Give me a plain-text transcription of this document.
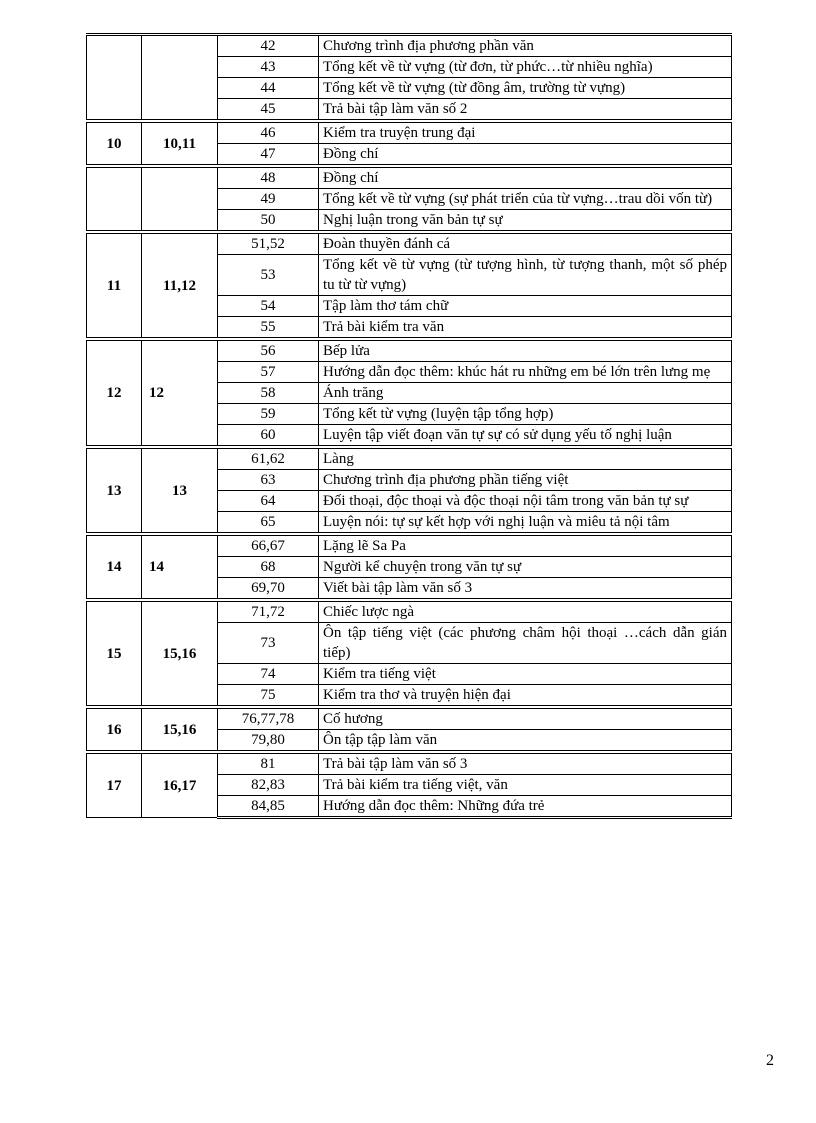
		42	Chương trình địa phương phần văn
		43	Tổng kết về từ vựng (từ đơn, từ phức…từ nhiều nghĩa)
		44	Tổng kết về từ vựng (từ đồng âm, trường từ vựng)
		45	Trả bài tập làm văn số 2
10	10,11	46	Kiểm tra truyện trung đại
		47	Đồng chí
		48	Đồng chí
		49	Tổng kết về từ vựng (sự phát triển của từ vựng…trau dồi vốn từ)
		50	Nghị luận trong văn bản tự sự
11	11,12	51,52	Đoàn thuyền đánh cá
		53	Tổng kết về từ vựng (từ tượng hình, từ tượng thanh, một số phép tu từ từ vựng)
		54	Tập làm thơ tám chữ
		55	Trả bài kiểm tra văn
12	12	56	Bếp lửa
		57	Hướng dẫn đọc thêm: khúc hát ru những em bé lớn trên lưng mẹ
		58	Ánh trăng
		59	Tổng kết từ vựng (luyện tập tổng hợp)
		60	Luyện tập viết đoạn văn tự sự có sử dụng yếu tố nghị luận
13	13	61,62	Làng
		63	Chương trình địa phương phần tiếng việt
		64	Đối thoại, độc thoại và độc thoại nội tâm trong văn bản tự sự
		65	Luyện nói: tự sự kết hợp với nghị luận và miêu tả nội tâm
14	14	66,67	Lặng lẽ Sa Pa
		68	Người kể chuyện trong văn tự sự
		69,70	Viết bài tập làm văn số 3
15	15,16	71,72	Chiếc lược ngà
		73	Ôn tập tiếng việt (các phương châm hội thoại …cách dẫn gián tiếp)
		74	Kiểm tra tiếng việt
		75	Kiểm tra thơ và truyện hiện đại
16	15,16	76,77,78	Cố hương
		79,80	Ôn tập tập làm văn
17	16,17	81	Trả bài tập làm văn số 3
		82,83	Trả bài kiểm tra tiếng việt, văn
		84,85	Hướng dẫn đọc thêm: Những đứa trẻ
2
